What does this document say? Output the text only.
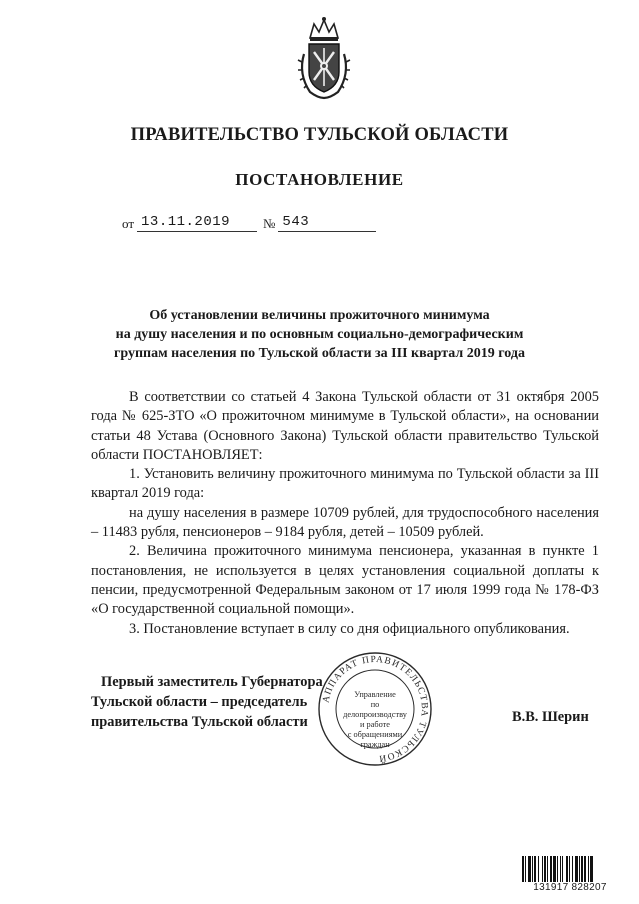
ПРАВИТЕЛЬСТВО ТУЛЬСКОЙ ОБЛАСТИ
ПОСТАНОВЛЕНИЕ
от 13.11.2019	№ 543
Об установлении величины прожиточного минимума
на душу населения и по основным социально-демографическим
группам населения по Тульской области за III квартал 2019 года

В соответствии со статьей 4 Закона Тульской области от 31 октября 2005 года № 625-ЗТО «О прожиточном минимуме в Тульской области», на основании статьи 48 Устава (Основного Закона) Тульской области правительство Тульской области ПОСТАНОВЛЯЕТ:

1. Установить величину прожиточного минимума по Тульской области за III квартал 2019 года:

на душу населения в размере 10709 рублей, для трудоспособного населения – 11483 рубля, пенсионеров – 9184 рубля, детей – 10509 рублей.

2. Величина прожиточного минимума пенсионера, указанная в пункте 1 постановления, не используется в целях установления социальной доплаты к пенсии, предусмотренной Федеральным законом от 17 июля 1999 года № 178-ФЗ «О государственной социальной помощи».

3. Постановление вступает в силу со дня официального опубликования.

АППАРАТ ПРАВИТЕЛЬСТВА ТУЛЬСКОЙ
Управление
по делопроизводству
и работе
с обращениями
граждан
Первый заместитель Губернатора
Тульской области – председатель
правительства Тульской области	В.В. Шерин
131917 828207
